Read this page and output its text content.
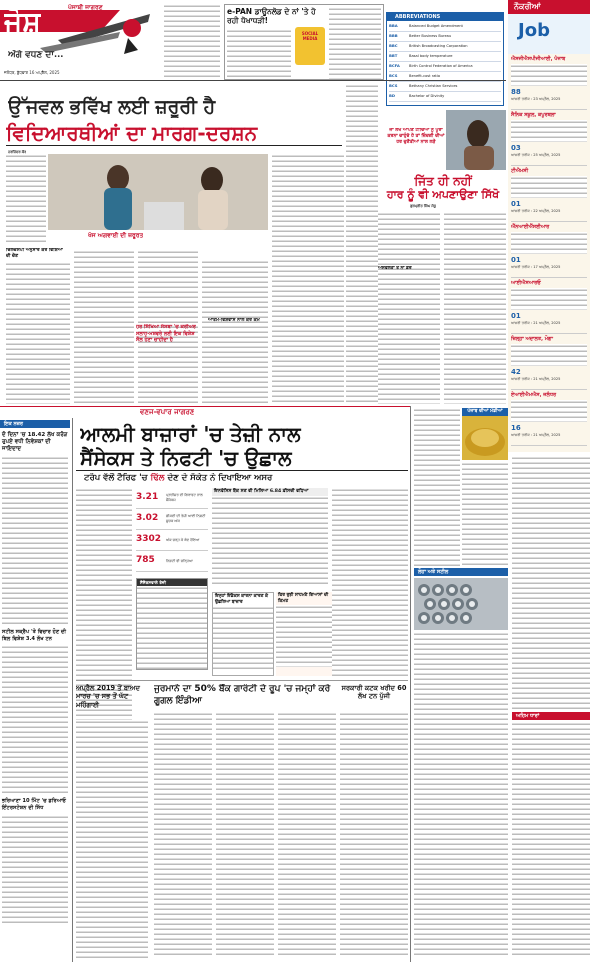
ਜੋਸ਼	ਪੰਜਾਬੀ ਜਾਗਰਣ
ਅੱਗੇ ਵਧਣ ਦਾ...
ਜਲੰਧਰ, ਬੁੱਧਵਾਰ 16 ਅਪ੍ਰੈਲ, 2025
e-PAN ਡਾਊਨਲੋਡ ਦੇ ਨਾਂ 'ਤੇ ਹੋ ਰਹੀ ਧੋਖਾਧੜੀ!
SOCIAL MEDIA
ABBREVIATIONS
BBA	Balanced Budget Amendment
BBB	Better Business Bureau
BBC	British Broadcasting Corporation
BBT	Basal body temperature
BCFA	Birth Control Federation of America
BCS	Benefit-cost ratio
BCS	Bethany Christian Services
BD	Bachelor of Divinity
ਨੌਕਰੀਆਂ
Job
ਐਸਜੀਐਸਪੀਜੀਆਈ, ਪੰਜਾਬ
88
ਆਖ਼ਰੀ ਤਰੀਕ : 23 ਅਪ੍ਰੈਲ, 2025
ਸੈਨਿਕ ਸਕੂਲ, ਕਪੂਰਥਲਾ
03
ਆਖ਼ਰੀ ਤਰੀਕ : 25 ਅਪ੍ਰੈਲ, 2025
ਟੀਐਮਸੀ
01
ਆਖ਼ਰੀ ਤਰੀਕ : 22 ਅਪ੍ਰੈਲ, 2025
ਐੱਨਆਈਐੱਸਈਆਰ
01
ਆਖ਼ਰੀ ਤਰੀਕ : 17 ਅਪ੍ਰੈਲ, 2025
ਆਈਐਸਆਰਓ
01
ਆਖ਼ਰੀ ਤਰੀਕ : 21 ਅਪ੍ਰੈਲ, 2025
ਜ਼ਿਲ੍ਹਾ ਅਦਾਲਤ, ਮੋਗਾ
42
ਆਖ਼ਰੀ ਤਰੀਕ : 21 ਅਪ੍ਰੈਲ, 2025
ਏਆਈਐਮਐਸ, ਜਲੰਧਰ
16
ਆਖ਼ਰੀ ਤਰੀਕ : 21 ਅਪ੍ਰੈਲ, 2025
ਉੱਜਵਲ ਭਵਿੱਖ ਲਈ ਜ਼ਰੂਰੀ ਹੈ
ਵਿਦਿਆਰਥੀਆਂ ਦਾ ਮਾਰਗ-ਦਰਸ਼ਨ
ਹਰਜਿੰਦਰ ਕੌਰ
ਖੋਜ ਅਗਵਾਈ ਦੀ ਜ਼ਰੂਰਤ
ਦਿਲਚਸਪੀ ਅਨੁਸਾਰ ਕਰੋ ਵਿਸ਼ਿਆਂ ਦੀ ਚੋਣ
ਹਰ ਸਿੱਖਿਆ ਸੰਸਥਾ 'ਚ ਕਰੀਅਰ ਸਲਾਹ-ਮਸ਼ਵਰੇ ਲਈ ਇਕ ਵਿਸ਼ੇਸ਼ ਸੈੱਲ ਹੋਣਾ ਚਾਹੀਦਾ ਹੈ
ਆਤਮ-ਵਿਸ਼ਵਾਸ ਨਾਲ ਕਰੋ ਕੰਮ
ਜਾਂ ਲੱਖ ਆਪਣੇ ਟੀਚਿਆਂ ਨੂੰ ਪੂਰਾ ਕਰਨਾ ਚਾਹੁੰਦੇ ਹੋ ਤਾਂ ਜ਼ਿੰਦਗੀ ਦੀਆਂ ਹਰ ਚੁਣੌਤੀਆਂ ਨਾਲ ਲੜੋ
ਜਿੱਤ ਹੀ ਨਹੀਂ
ਹਾਰ ਨੂੰ ਵੀ ਅਪਣਾਉਣਾ ਸਿੱਖੋ
ਗੁਰਪ੍ਰੀਤ ਸਿੰਘ ਸੰਧੂ
ਅਸਫਲਤਾ ਤੋਂ ਨਾ ਡਰੋ
ਵਣਜ-ਵਪਾਰ ਜਾਗਰਣ
ਇਕ ਨਜ਼ਰ
ਦੋ ਦਿਨਾਂ 'ਚ 18.42 ਲੱਖ ਕਰੋੜ ਰੁਪਏ ਵਧੀ ਨਿਵੇਸ਼ਕਾਂ ਦੀ ਜਾਇਦਾਦ
ਸਟੀਲ ਸਕ੍ਰੈਪ 'ਤੇ ਵਿਚਾਰ ਹੋਣ ਦੀ ਬਿਲ ਵਿਸ਼ੇਸ਼ 3.4 ਲੱਖ ਟਨ
ਭਰਿਆਣਾ 10 ਮਿੰਟ 'ਚ ਡਰਿਆਓ ਇੰਟਰਸਟੇਸ਼ਨ ਦੀ ਸਿੱਧ
ਆਲਮੀ ਬਾਜ਼ਾਰਾਂ 'ਚ ਤੇਜ਼ੀ ਨਾਲ
ਸੈਂਸੇਕਸ ਤੇ ਨਿਫਟੀ 'ਚ ਉਛਾਲ
ਟਰੰਪ ਵੱਲੋਂ ਟੈਰਿਫ 'ਚ ਢਿੱਲ ਦੇਣ ਦੇ ਸੰਕੇਤ ਨੇ ਦਿਖਾਇਆ ਅਸਰ
3.21	ਪ੍ਰਤੀਸ਼ਤ ਦੀ ਗਿਰਾਵਟ ਨਾਲ ਸੈਂਸੇਕਸ
3.02	ਫ਼ੀਸਦੀ ਦੀ ਤੇਜ਼ੀ ਆਈ ਨਿਫ਼ਟੀ ਸੂਚਕ ਅੰਕ
3302	ਅੰਕ ਚੜ੍ਹ ਕੇ ਬੰਦ ਹੋਇਆ
785	ਨਿਫ਼ਟੀ ਵੀ ਚੜ੍ਹਿਆ
ਸੈਂਸੈਕਸਵਾਲੇ ਤੇਜ਼ੀ
ਇਨਫੋਸਿਸ ਬੈਂਕ ਸਣ ਵੀ ਮਿਲਿਆ 6.84 ਫ਼ੀਸਦੀ ਵਧਿਆ
ਇਨ੍ਹਾਂ ਇੰਡੈਕਸ ਕਾਰਨਾ ਕਾਰਣ ਕੇ ਉਛਲਿਆ ਬਾਜ਼ਾਰ
ਫਿਰ ਰੁਝੀ ਸਾਹਮਣੇ ਗਿਆਸਾਂ ਦੀ ਕਿਮਤ
ਅਪ੍ਰੈਲ 2019 ਤੋਂ ਬਾਅਦ ਮਾਰਚ 'ਚ ਸਭ ਤੋਂ ਘੱਟ ਮਹਿੰਗਾਈ
ਜੁਰਮਾਨੇ ਦਾ 50% ਬੈਂਕ ਗਾਰੰਟੀ ਦੇ ਰੂਪ 'ਚ ਜਮ੍ਹਾਂ ਕਰੇ ਗੂਗਲ ਇੰਡੀਆ
ਸਰਕਾਰੀ ਕਟਕ ਖਰੀਦ 60 ਲੱਖ ਟਨ ਪੁੱਜੀ
ਪੰਜਾਬ ਦੀਆਂ ਮੰਡੀਆਂ
ਲੋਹਾ ਅਤੇ ਸਟੀਲ
ਅਹਿਮ ਧਾਰਾਂ
